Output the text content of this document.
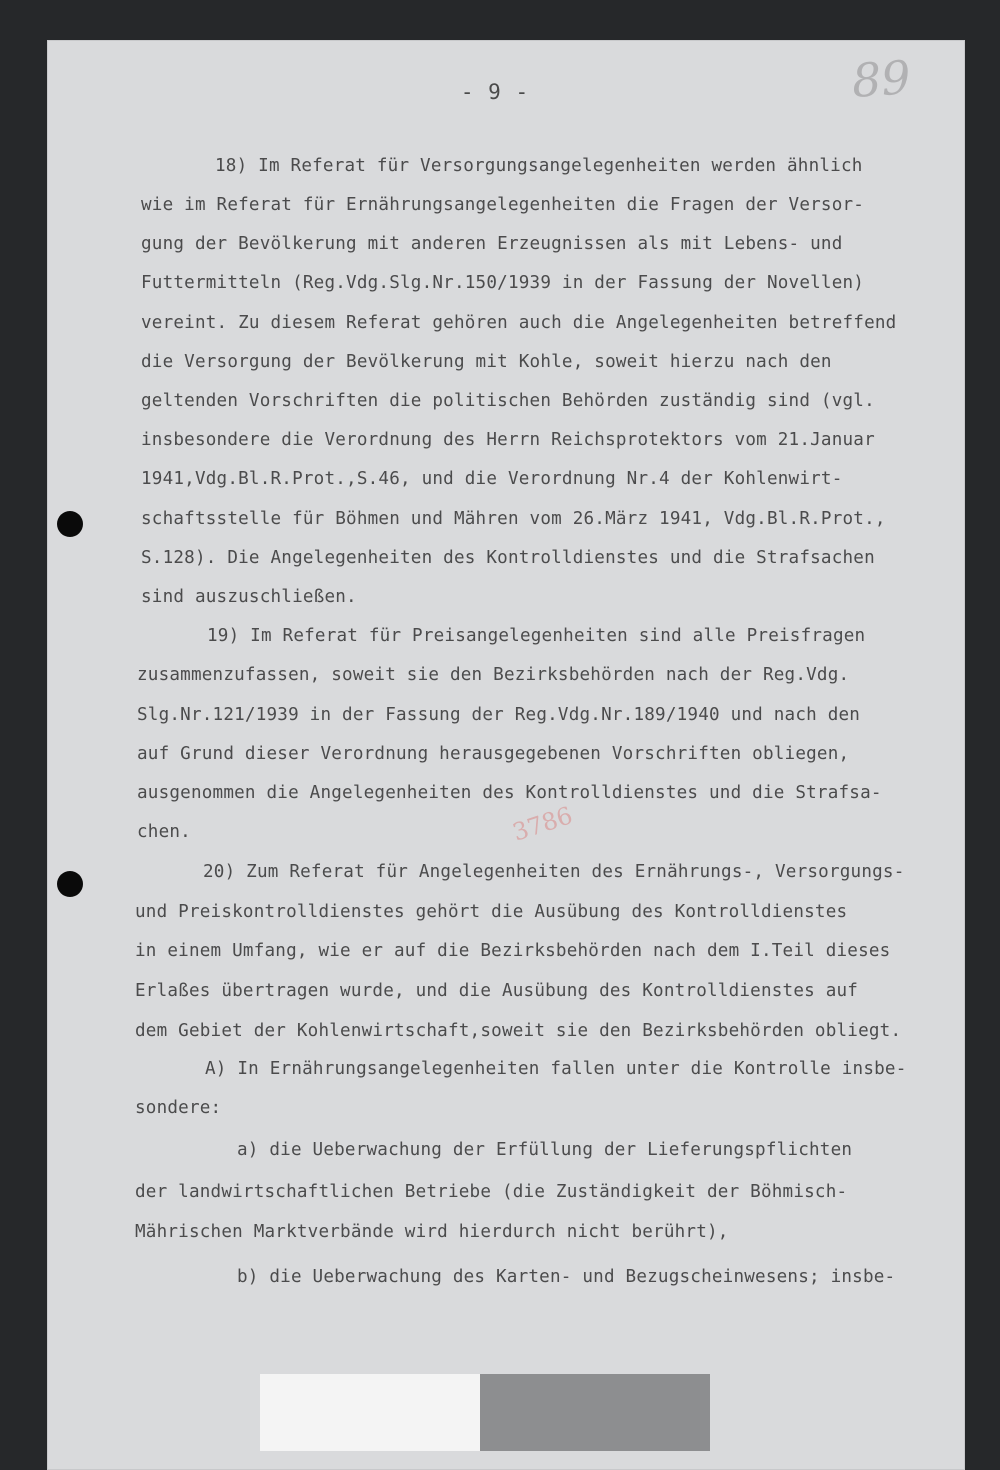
- 9 -	89
3786

18) Im Referat für Versorgungsangelegenheiten werden ähnlich

wie im Referat für Ernährungsangelegenheiten die Fragen der Versor-

gung der Bevölkerung mit anderen Erzeugnissen als mit Lebens- und

Futtermitteln (Reg.Vdg.Slg.Nr.150/1939 in der Fassung der Novellen)

vereint. Zu diesem Referat gehören auch die Angelegenheiten betreffend

die Versorgung der Bevölkerung mit Kohle, soweit hierzu nach den

geltenden Vorschriften die politischen Behörden zuständig sind (vgl.

insbesondere die Verordnung des Herrn Reichsprotektors vom 21.Januar

1941,Vdg.Bl.R.Prot.,S.46, und die Verordnung Nr.4 der Kohlenwirt-

schaftsstelle für Böhmen und Mähren vom 26.März 1941, Vdg.Bl.R.Prot.,

S.128). Die Angelegenheiten des Kontrolldienstes und die Strafsachen

sind auszuschließen.

19) Im Referat für Preisangelegenheiten sind alle Preisfragen

zusammenzufassen, soweit sie den Bezirksbehörden nach der Reg.Vdg.

Slg.Nr.121/1939 in der Fassung der Reg.Vdg.Nr.189/1940 und nach den

auf Grund dieser Verordnung herausgegebenen Vorschriften obliegen,

ausgenommen die Angelegenheiten des Kontrolldienstes und die Strafsa-

chen.

20) Zum Referat für Angelegenheiten des Ernährungs-, Versorgungs-

und Preiskontrolldienstes gehört die Ausübung des Kontrolldienstes

in einem Umfang, wie er auf die Bezirksbehörden nach dem I.Teil dieses

Erlaßes übertragen wurde, und die Ausübung des Kontrolldienstes auf

dem Gebiet der Kohlenwirtschaft,soweit sie den Bezirksbehörden obliegt.

A) In Ernährungsangelegenheiten fallen unter die Kontrolle insbe-

sondere:

a) die Ueberwachung der Erfüllung der Lieferungspflichten

der landwirtschaftlichen Betriebe (die Zuständigkeit der Böhmisch-

Mährischen Marktverbände wird hierdurch nicht berührt),

b) die Ueberwachung des Karten- und Bezugscheinwesens; insbe-
